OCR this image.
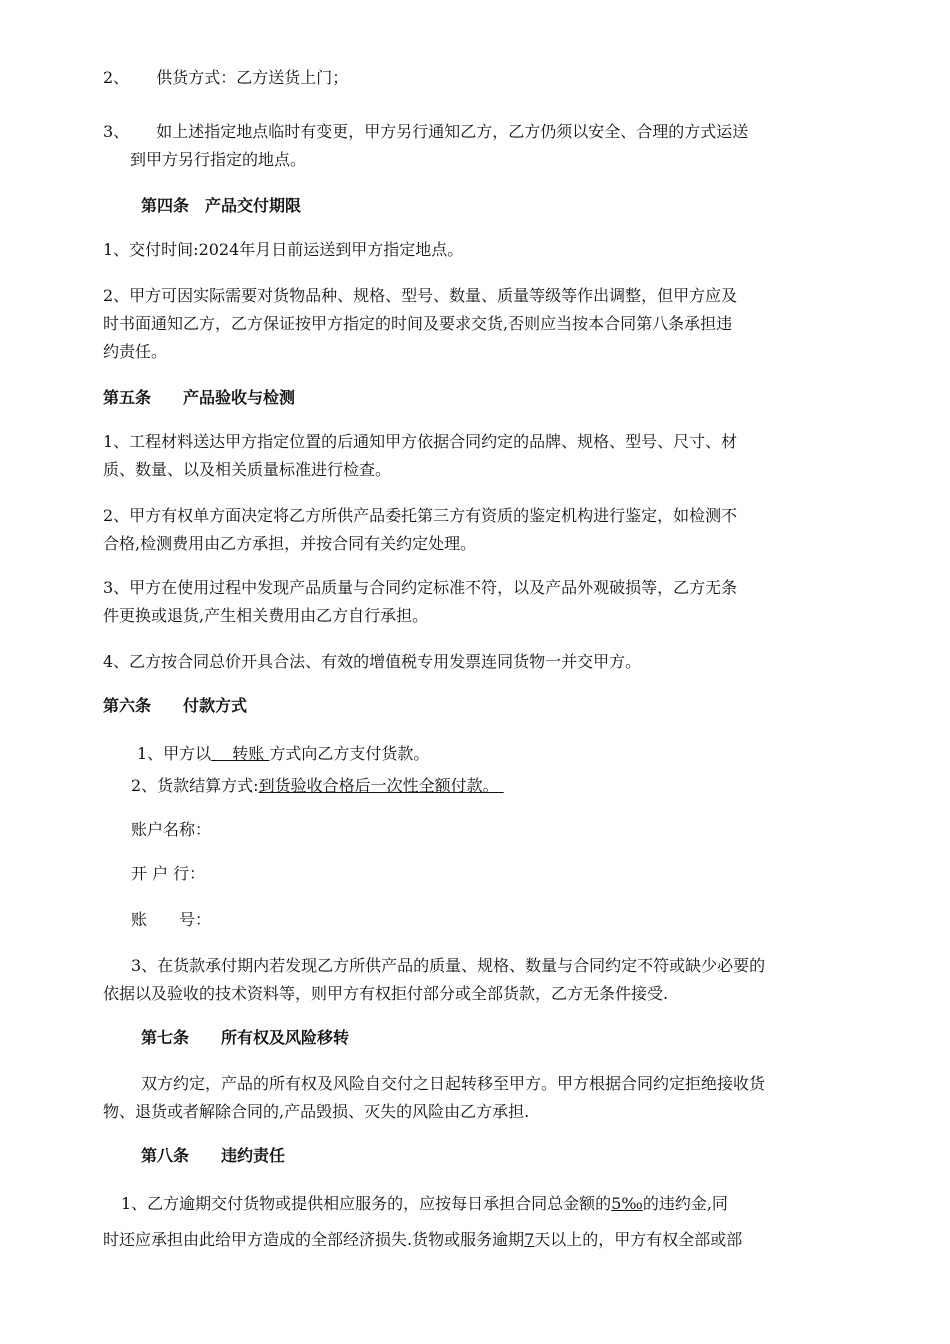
2、 供货方式：乙方送货上门；
3、 如上述指定地点临时有变更，甲方另行通知乙方，乙方仍须以安全、合理的方式运送
到甲方另行指定的地点。
第四条　产品交付期限
1、交付时间:2024年月日前运送到甲方指定地点。
2、甲方可因实际需要对货物品种、规格、型号、数量、质量等级等作出调整，但甲方应及
时书面通知乙方，乙方保证按甲方指定的时间及要求交货,否则应当按本合同第八条承担违
约责任。
第五条　　产品验收与检测
1、工程材料送达甲方指定位置的后通知甲方依据合同约定的品牌、规格、型号、尺寸、材
质、数量、以及相关质量标准进行检查。
2、甲方有权单方面决定将乙方所供产品委托第三方有资质的鉴定机构进行鉴定，如检测不
合格,检测费用由乙方承担，并按合同有关约定处理。
3、甲方在使用过程中发现产品质量与合同约定标准不符，以及产品外观破损等，乙方无条
件更换或退货,产生相关费用由乙方自行承担。
4、乙方按合同总价开具合法、有效的增值税专用发票连同货物一并交甲方。
第六条　　付款方式
1、甲方以　 转账 方式向乙方支付货款。
2、货款结算方式:到货验收合格后一次性全额付款。
账户名称：
开 户 行：
账　　号：
3、在货款承付期内若发现乙方所供产品的质量、规格、数量与合同约定不符或缺少必要的
依据以及验收的技术资料等，则甲方有权拒付部分或全部货款，乙方无条件接受.
第七条　　所有权及风险移转
双方约定，产品的所有权及风险自交付之日起转移至甲方。甲方根据合同约定拒绝接收货
物、退货或者解除合同的,产品毁损、灭失的风险由乙方承担.
第八条　　违约责任
1、乙方逾期交付货物或提供相应服务的，应按每日承担合同总金额的5‰的违约金,同
时还应承担由此给甲方造成的全部经济损失.货物或服务逾期7天以上的，甲方有权全部或部
